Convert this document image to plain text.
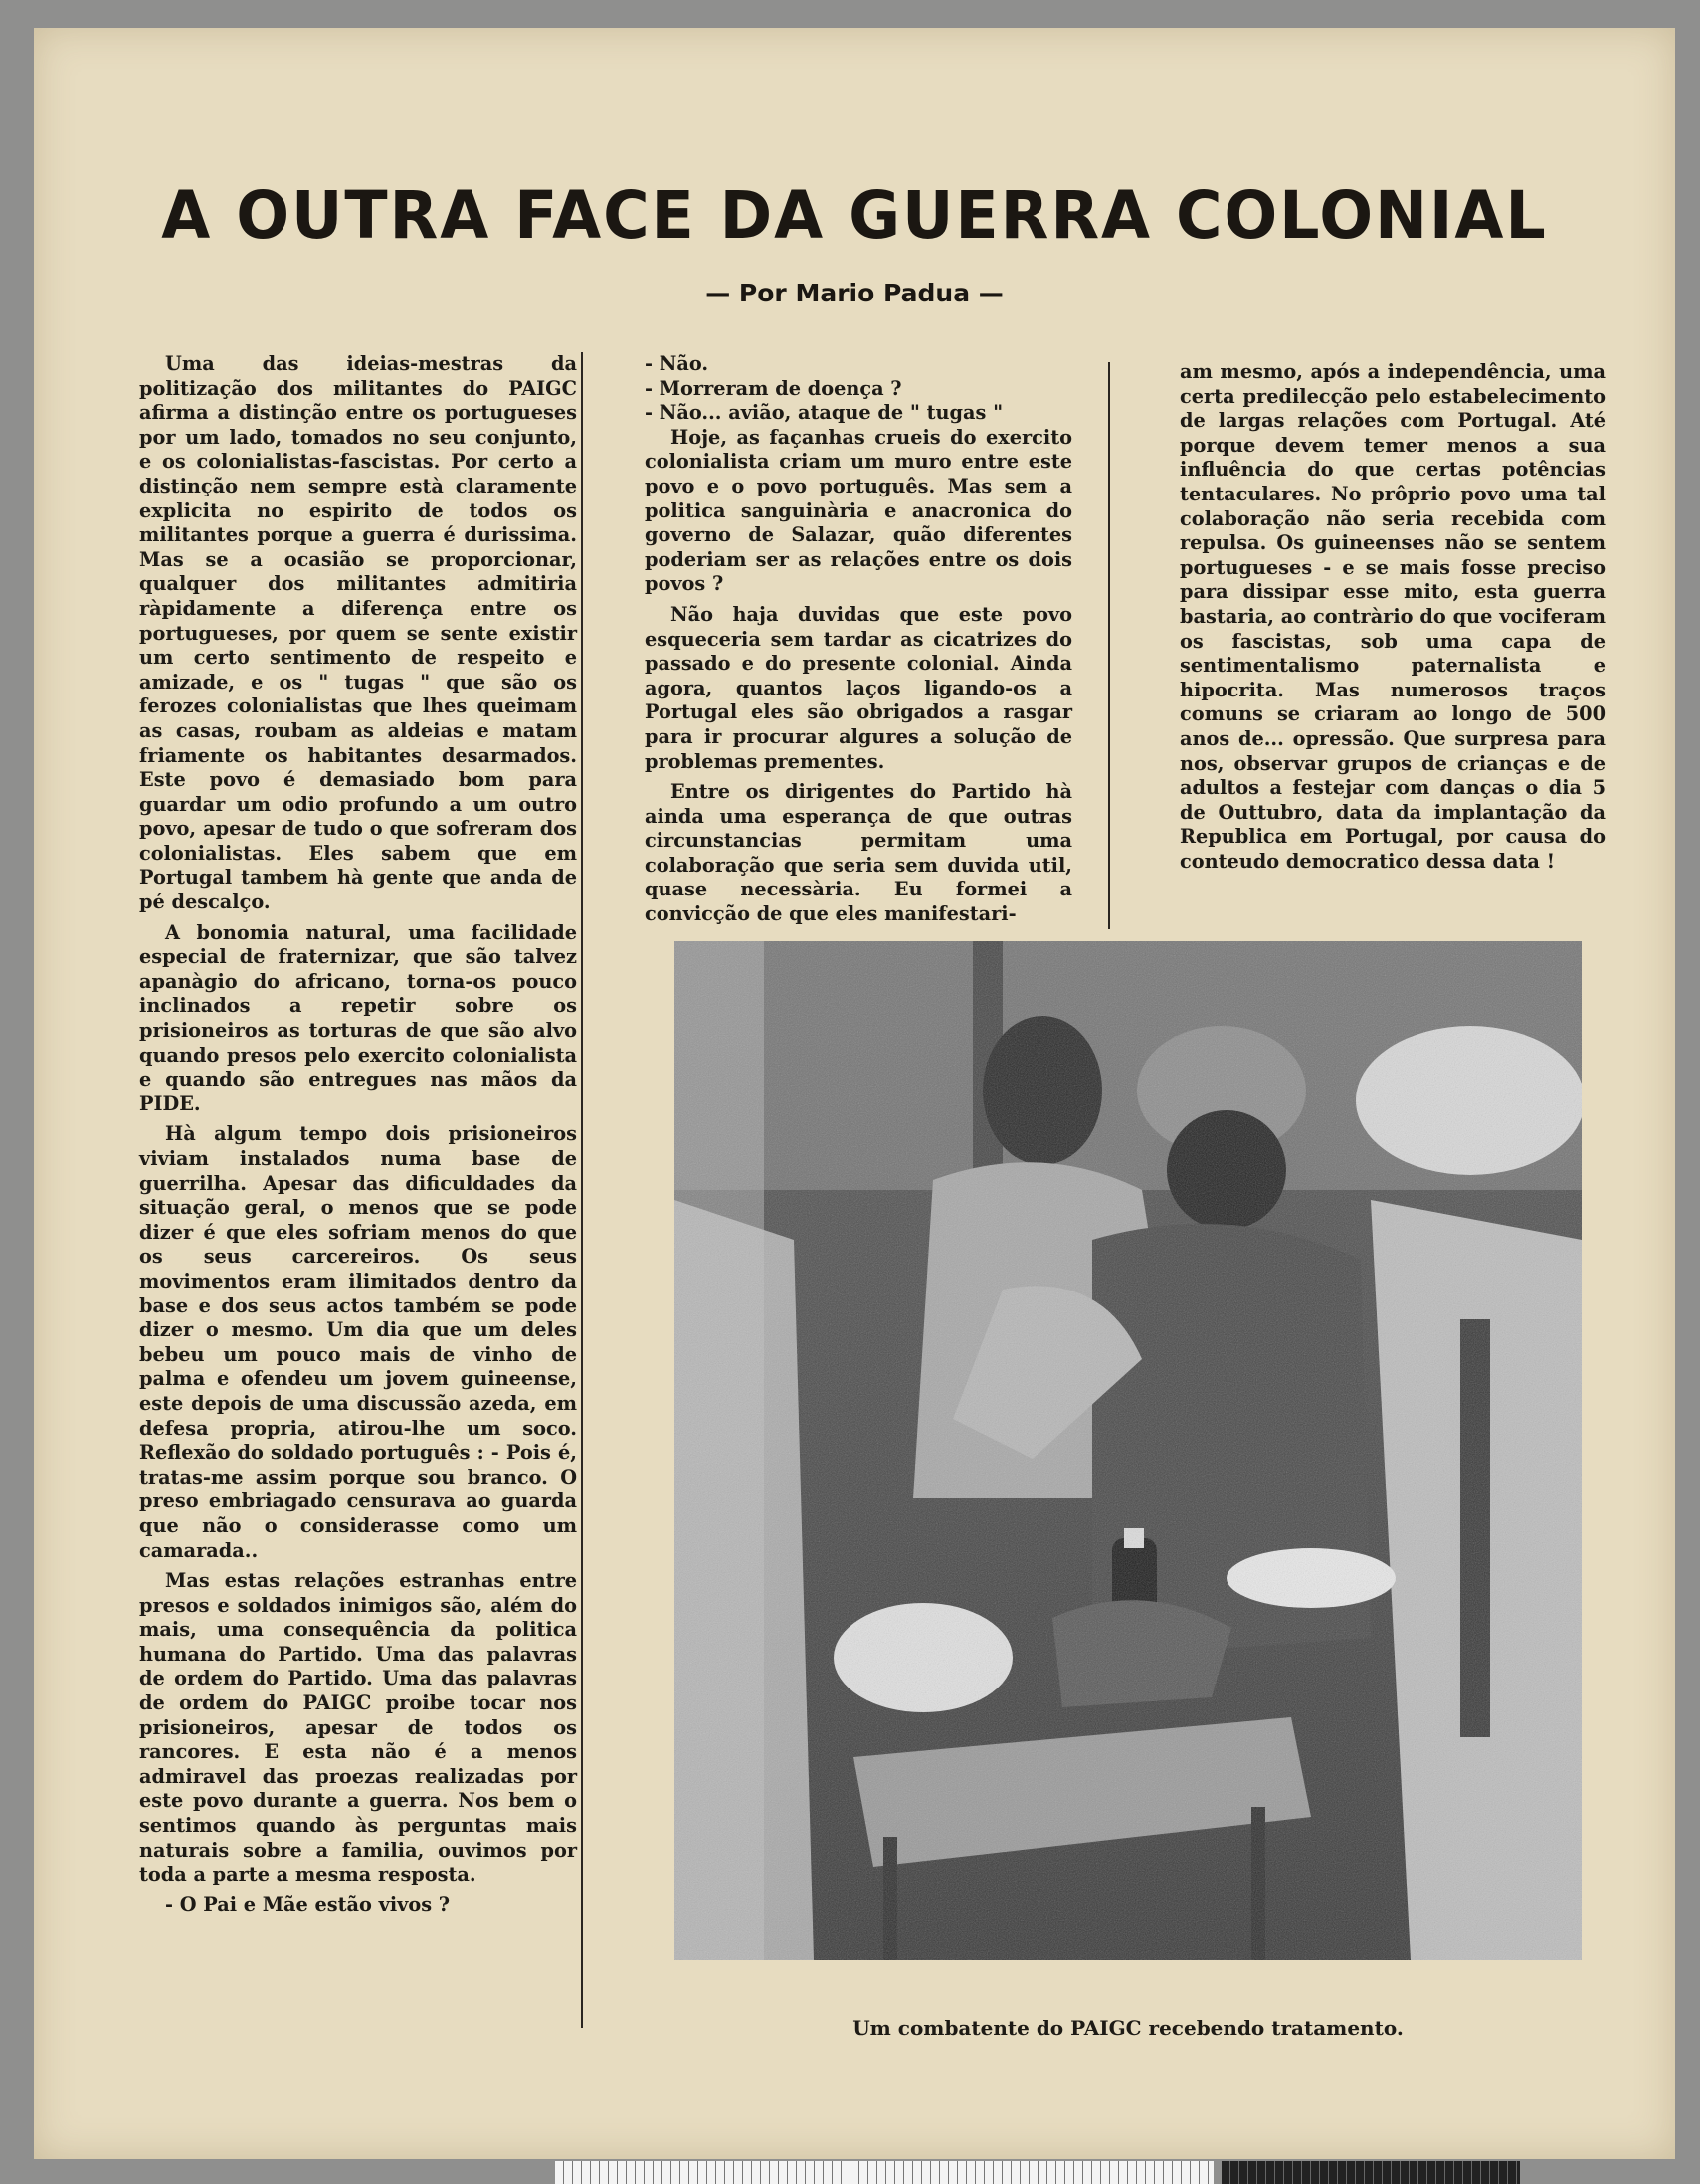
A OUTRA FACE DA GUERRA COLONIAL
— Por Mario Padua —

Uma das ideias-mestras da politização dos militantes do PAIGC afirma a distinção entre os portugueses por um lado, tomados no seu conjunto, e os colonialistas-fascistas. Por certo a distinção nem sempre està claramente explicita no espirito de todos os militantes porque a guerra é durissima. Mas se a ocasião se proporcionar, qualquer dos militantes admitiria ràpidamente a diferença entre os portugueses, por quem se sente existir um certo sentimento de respeito e amizade, e os " tugas " que são os ferozes colonialistas que lhes queimam as casas, roubam as aldeias e matam friamente os habitantes desarmados. Este povo é demasiado bom para guardar um odio profundo a um outro povo, apesar de tudo o que sofreram dos colonialistas. Eles sabem que em Portugal tambem hà gente que anda de pé descalço.

A bonomia natural, uma facilidade especial de fraternizar, que são talvez apanàgio do africano, torna-os pouco inclinados a repetir sobre os prisioneiros as torturas de que são alvo quando presos pelo exercito colonialista e quando são entregues nas mãos da PIDE.

Hà algum tempo dois prisioneiros viviam instalados numa base de guerrilha. Apesar das dificuldades da situação geral, o menos que se pode dizer é que eles sofriam menos do que os seus carcereiros. Os seus movimentos eram ilimitados dentro da base e dos seus actos também se pode dizer o mesmo. Um dia que um deles bebeu um pouco mais de vinho de palma e ofendeu um jovem guineense, este depois de uma discussão azeda, em defesa propria, atirou-lhe um soco. Reflexão do soldado português : - Pois é, tratas-me assim porque sou branco. O preso embriagado censurava ao guarda que não o considerasse como um camarada..

Mas estas relações estranhas entre presos e soldados inimigos são, além do mais, uma consequência da politica humana do Partido. Uma das palavras de ordem do Partido. Uma das palavras de ordem do PAIGC proibe tocar nos prisioneiros, apesar de todos os rancores. E esta não é a menos admiravel das proezas realizadas por este povo durante a guerra. Nos bem o sentimos quando às perguntas mais naturais sobre a familia, ouvimos por toda a parte a mesma resposta.

- O Pai e Mãe estão vivos ?

- Não.

- Morreram de doença ?

- Não... avião, ataque de " tugas "

Hoje, as façanhas crueis do exercito colonialista criam um muro entre este povo e o povo português. Mas sem a politica sanguinària e anacronica do governo de Salazar, quão diferentes poderiam ser as relações entre os dois povos ?

Não haja duvidas que este povo esqueceria sem tardar as cicatrizes do passado e do presente colonial. Ainda agora, quantos laços ligando-os a Portugal eles são obrigados a rasgar para ir procurar algures a solução de problemas prementes.

Entre os dirigentes do Partido hà ainda uma esperança de que outras circunstancias permitam uma colaboração que seria sem duvida util, quase necessària. Eu formei a convicção de que eles manifestari-

am mesmo, após a independência, uma certa predilecção pelo estabelecimento de largas relações com Portugal. Até porque devem temer menos a sua influência do que certas potências tentaculares. No prôprio povo uma tal colaboração não seria recebida com repulsa. Os guineenses não se sentem portugueses - e se mais fosse preciso para dissipar esse mito, esta guerra bastaria, ao contràrio do que vociferam os fascistas, sob uma capa de sentimentalismo paternalista e hipocrita. Mas numerosos traços comuns se criaram ao longo de 500 anos de... opressão. Que surpresa para nos, observar grupos de crianças e de adultos a festejar com danças o dia 5 de Outtubro, data da implantação da Republica em Portugal, por causa do conteudo democratico dessa data !

Um combatente do PAIGC recebendo tratamento.
